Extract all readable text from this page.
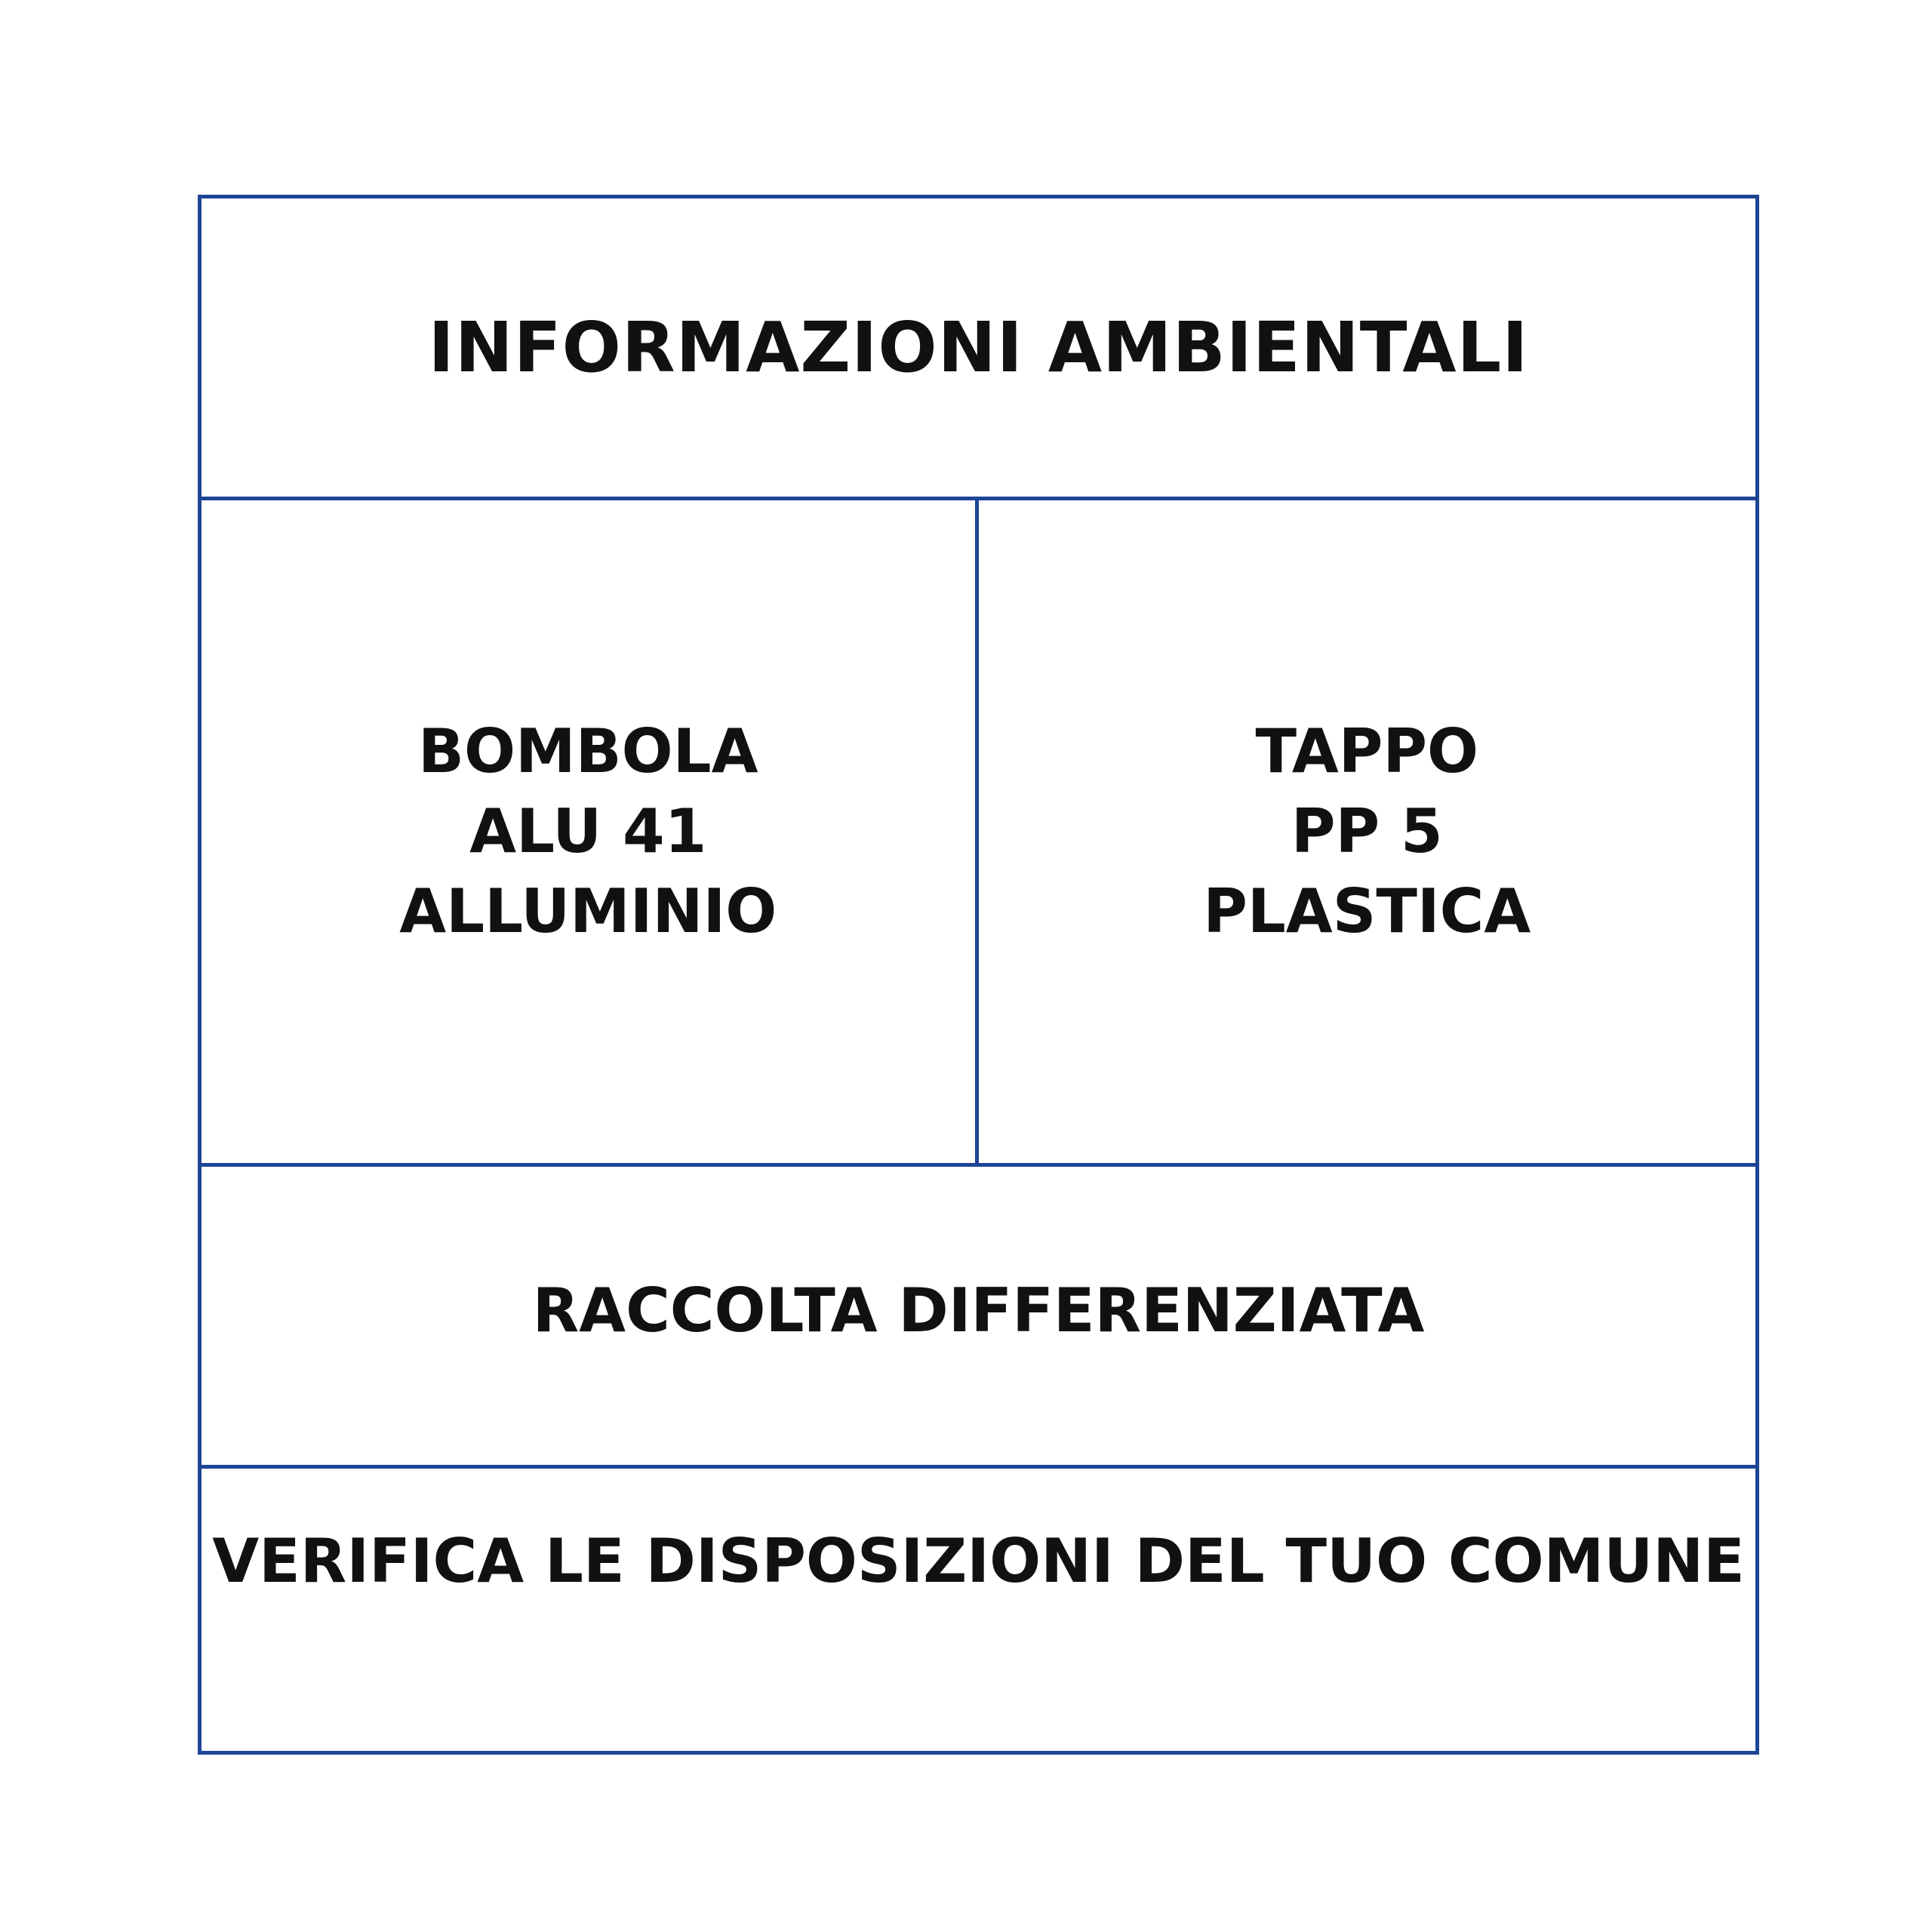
INFORMAZIONI AMBIENTALI
BOMBOLA
ALU 41
ALLUMINIO
TAPPO
PP 5
PLASTICA
RACCOLTA DIFFERENZIATA
VERIFICA LE DISPOSIZIONI DEL TUO COMUNE
